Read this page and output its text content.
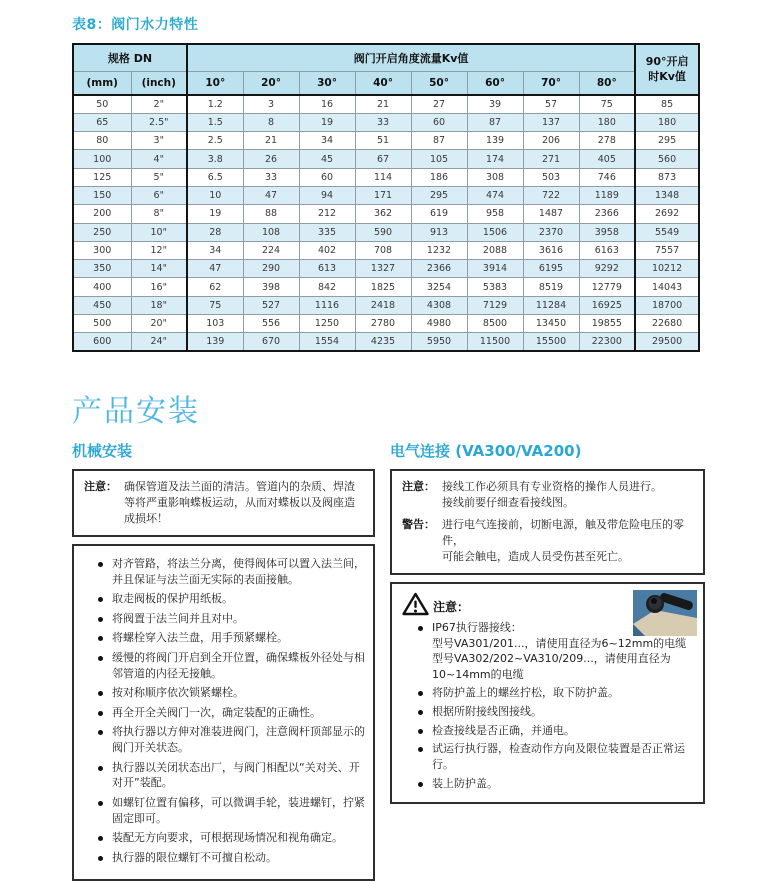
表8：阀门水力特性
规格 DN		阀门开启角度流量Kv值								90°开启 时Kv值
(mm)	(inch)	10°	20°	30°	40°	50°	60°	70°	80°	
50	2"	1.2	3	16	21	27	39	57	75	85
65	2.5"	1.5	8	19	33	60	87	137	180	180
80	3"	2.5	21	34	51	87	139	206	278	295
100	4"	3.8	26	45	67	105	174	271	405	560
125	5"	6.5	33	60	114	186	308	503	746	873
150	6"	10	47	94	171	295	474	722	1189	1348
200	8"	19	88	212	362	619	958	1487	2366	2692
250	10"	28	108	335	590	913	1506	2370	3958	5549
300	12"	34	224	402	708	1232	2088	3616	6163	7557
350	14"	47	290	613	1327	2366	3914	6195	9292	10212
400	16"	62	398	842	1825	3254	5383	8519	12779	14043
450	18"	75	527	1116	2418	4308	7129	11284	16925	18700
500	20"	103	556	1250	2780	4980	8500	13450	19855	22680
600	24"	139	670	1554	4235	5950	11500	15500	22300	29500
产品安装
机械安装
注意： 确保管道及法兰面的清洁。管道内的杂质、焊渣等将严重影响蝶板运动，从而对蝶板以及阀座造成损坏！
对齐管路，将法兰分离，使得阀体可以置入法兰间，并且保证与法兰面无实际的表面接触。
取走阀板的保护用纸板。
将阀置于法兰间并且对中。
将螺栓穿入法兰盘，用手预紧螺栓。
缓慢的将阀门开启到全开位置，确保蝶板外径处与相邻管道的内径无接触。
按对称顺序依次锁紧螺栓。
再全开全关阀门一次，确定装配的正确性。
将执行器以方伸对准装进阀门，注意阀杆顶部显示的阀门开关状态。
执行器以关闭状态出厂，与阀门相配以“关对关、开对开”装配。
如螺钉位置有偏移，可以微调手轮，装进螺钉，拧紧固定即可。
装配无方向要求，可根据现场情况和视角确定。
执行器的限位螺钉不可擅自松动。
电气连接 (VA300/VA200)
注意： 接线工作必须具有专业资格的操作人员进行。
接线前要仔细查看接线图。
警告： 进行电气连接前，切断电源，触及带危险电压的零件，
可能会触电，造成人员受伤甚至死亡。
注意：
IP67执行器接线：
型号VA301/201...，请使用直径为6~12mm的电缆
型号VA302/202~VA310/209...，请使用直径为10~14mm的电缆
将防护盖上的螺丝拧松，取下防护盖。
根据所附接线图接线。
检查接线是否正确，并通电。
试运行执行器，检查动作方向及限位装置是否正常运行。
装上防护盖。
